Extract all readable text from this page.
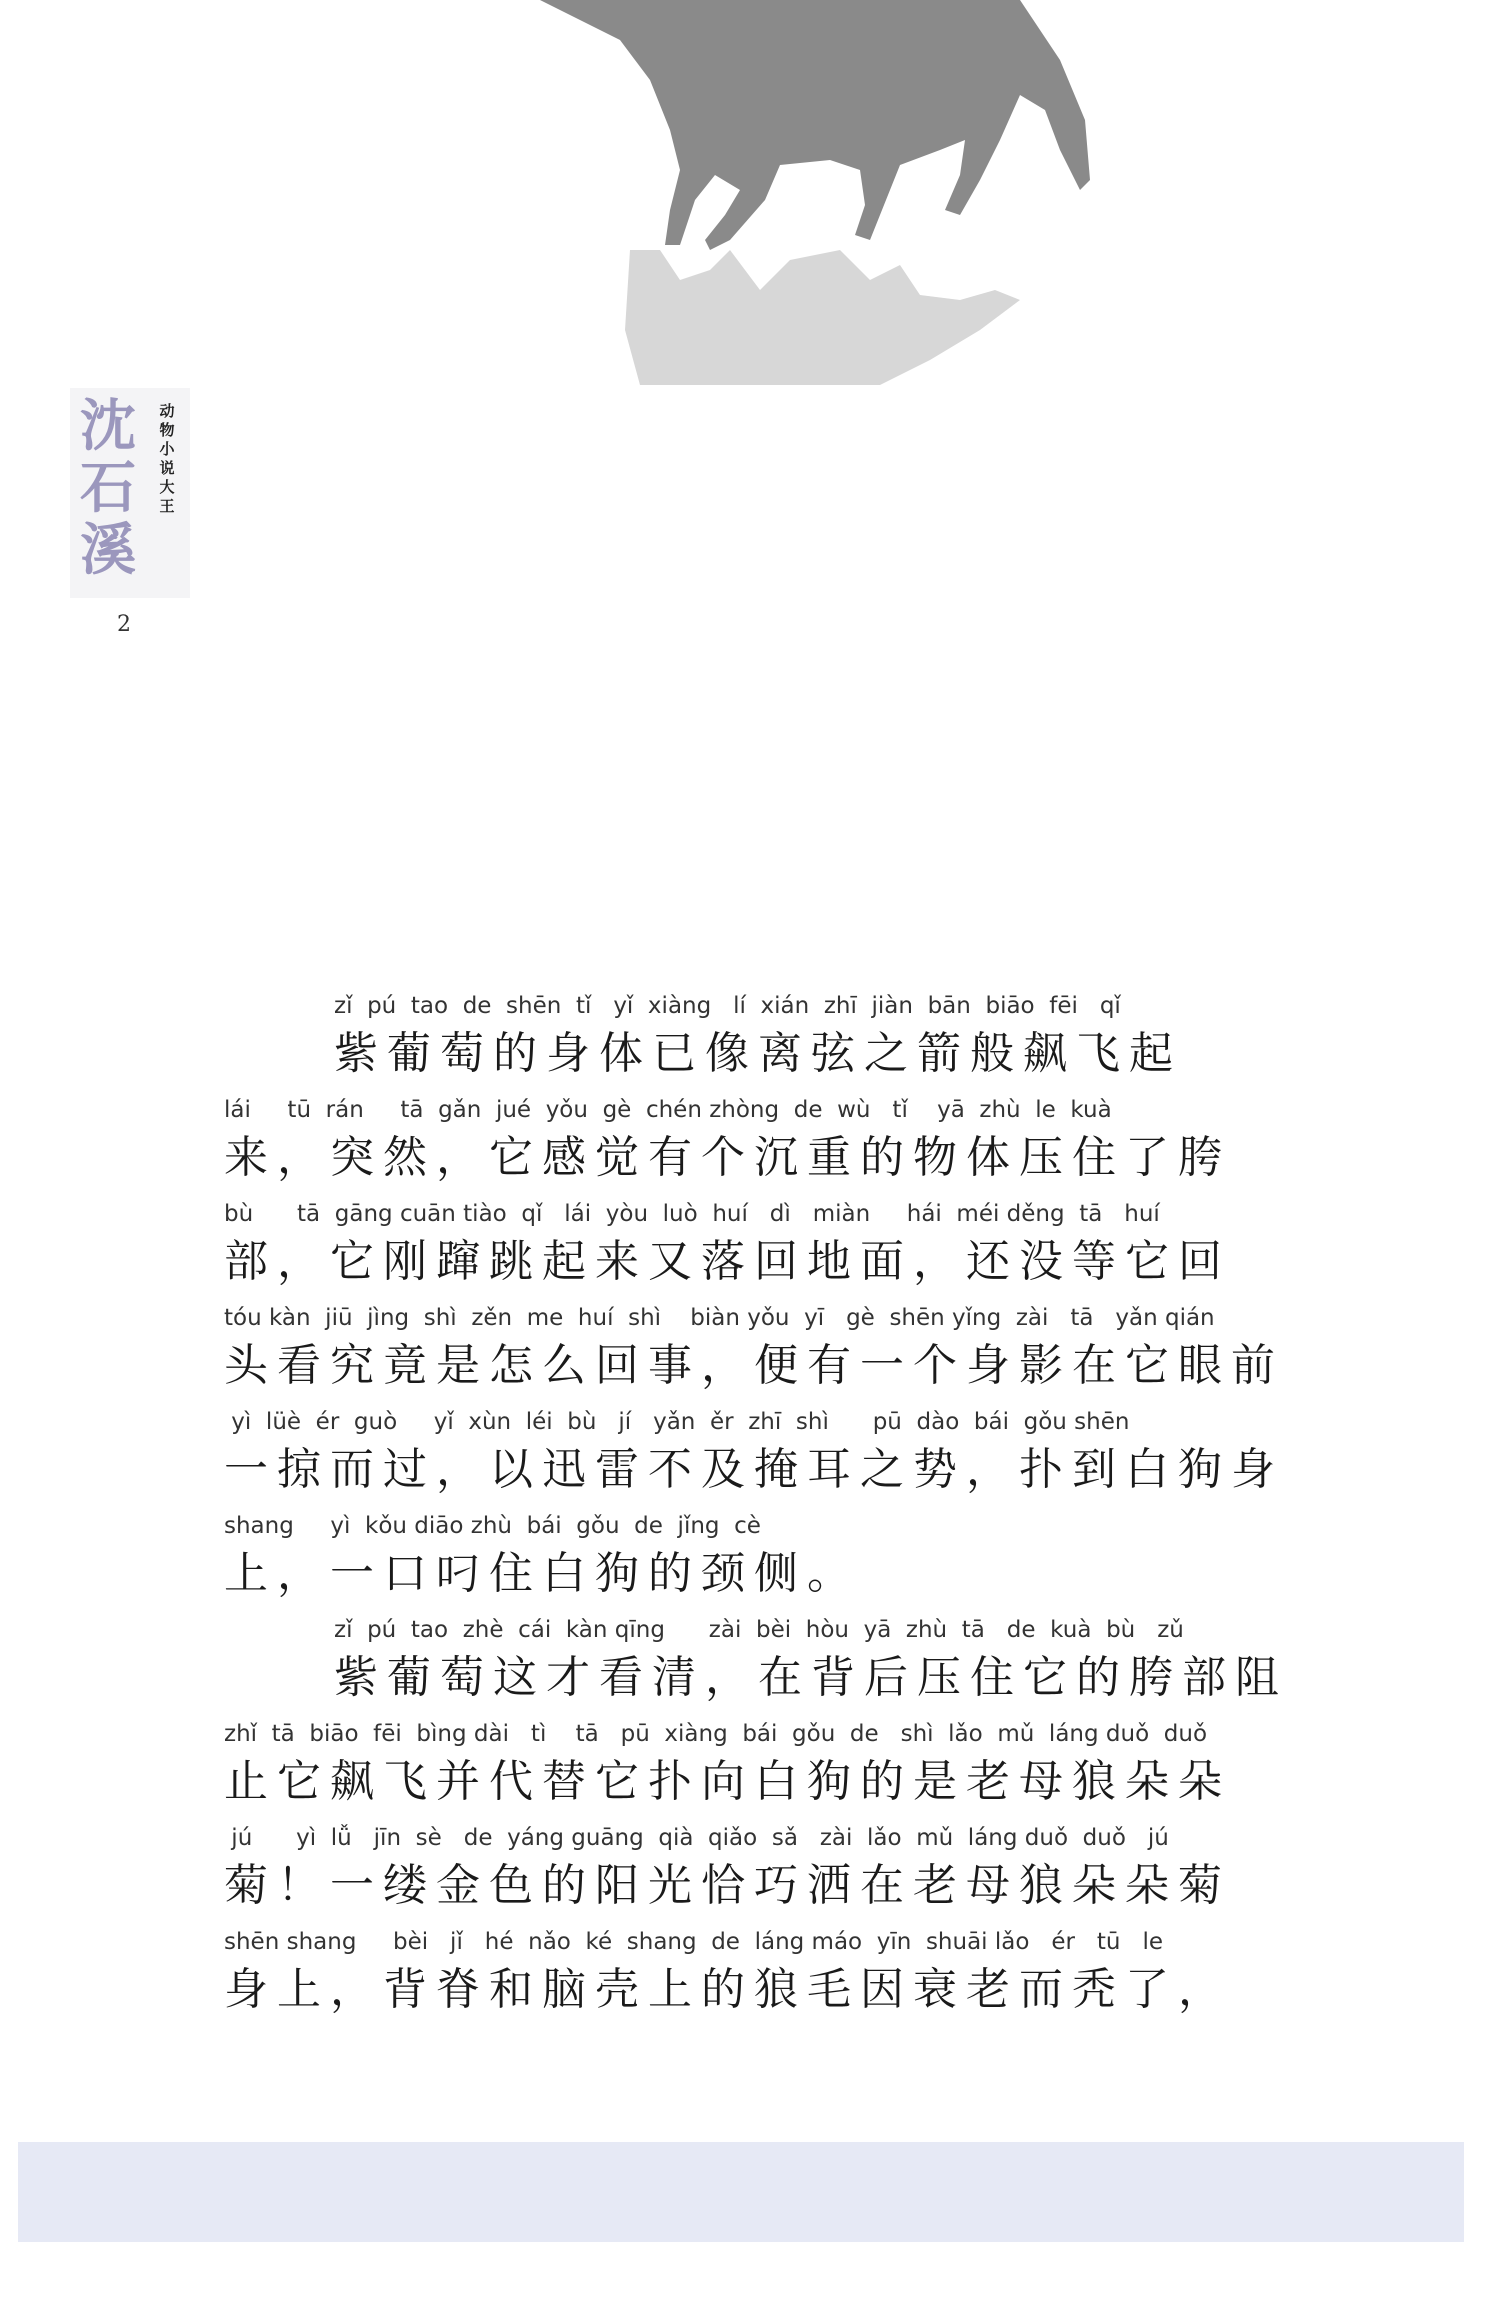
沈
石
溪
动
物
小
说
大
王
2
zǐ  pú  tao  de  shēn  tǐ   yǐ  xiàng   lí  xián  zhī  jiàn  bān  biāo  fēi   qǐ
紫葡萄的身体已像离弦之箭般飙飞起
lái     tū  rán     tā  gǎn  jué  yǒu  gè  chén zhòng  de  wù   tǐ    yā  zhù  le  kuà
来，突然，它感觉有个沉重的物体压住了胯
bù      tā  gāng cuān tiào  qǐ   lái  yòu  luò  huí   dì   miàn     hái  méi děng  tā   huí
部，它刚蹿跳起来又落回地面，还没等它回
tóu kàn  jiū  jìng  shì  zěn  me  huí  shì    biàn yǒu  yī   gè  shēn yǐng  zài   tā   yǎn qián
头看究竟是怎么回事，便有一个身影在它眼前
yì  lüè  ér  guò     yǐ  xùn  léi  bù   jí   yǎn  ěr  zhī  shì      pū  dào  bái  gǒu shēn
一掠而过，以迅雷不及掩耳之势，扑到白狗身
shang     yì  kǒu diāo zhù  bái  gǒu  de  jǐng  cè
上，一口叼住白狗的颈侧。
zǐ  pú  tao  zhè  cái  kàn qīng      zài  bèi  hòu  yā  zhù  tā   de  kuà  bù   zǔ
紫葡萄这才看清，在背后压住它的胯部阻
zhǐ  tā  biāo  fēi  bìng dài   tì    tā   pū  xiàng  bái  gǒu  de   shì  lǎo  mǔ  láng duǒ  duǒ
止它飙飞并代替它扑向白狗的是老母狼朵朵
jú      yì  lǚ   jīn  sè   de  yáng guāng  qià  qiǎo  sǎ   zài  lǎo  mǔ  láng duǒ  duǒ   jú
菊！一缕金色的阳光恰巧洒在老母狼朵朵菊
shēn shang     bèi   jǐ   hé  nǎo  ké  shang  de  láng máo  yīn  shuāi lǎo   ér   tū   le
身上，背脊和脑壳上的狼毛因衰老而秃了，
